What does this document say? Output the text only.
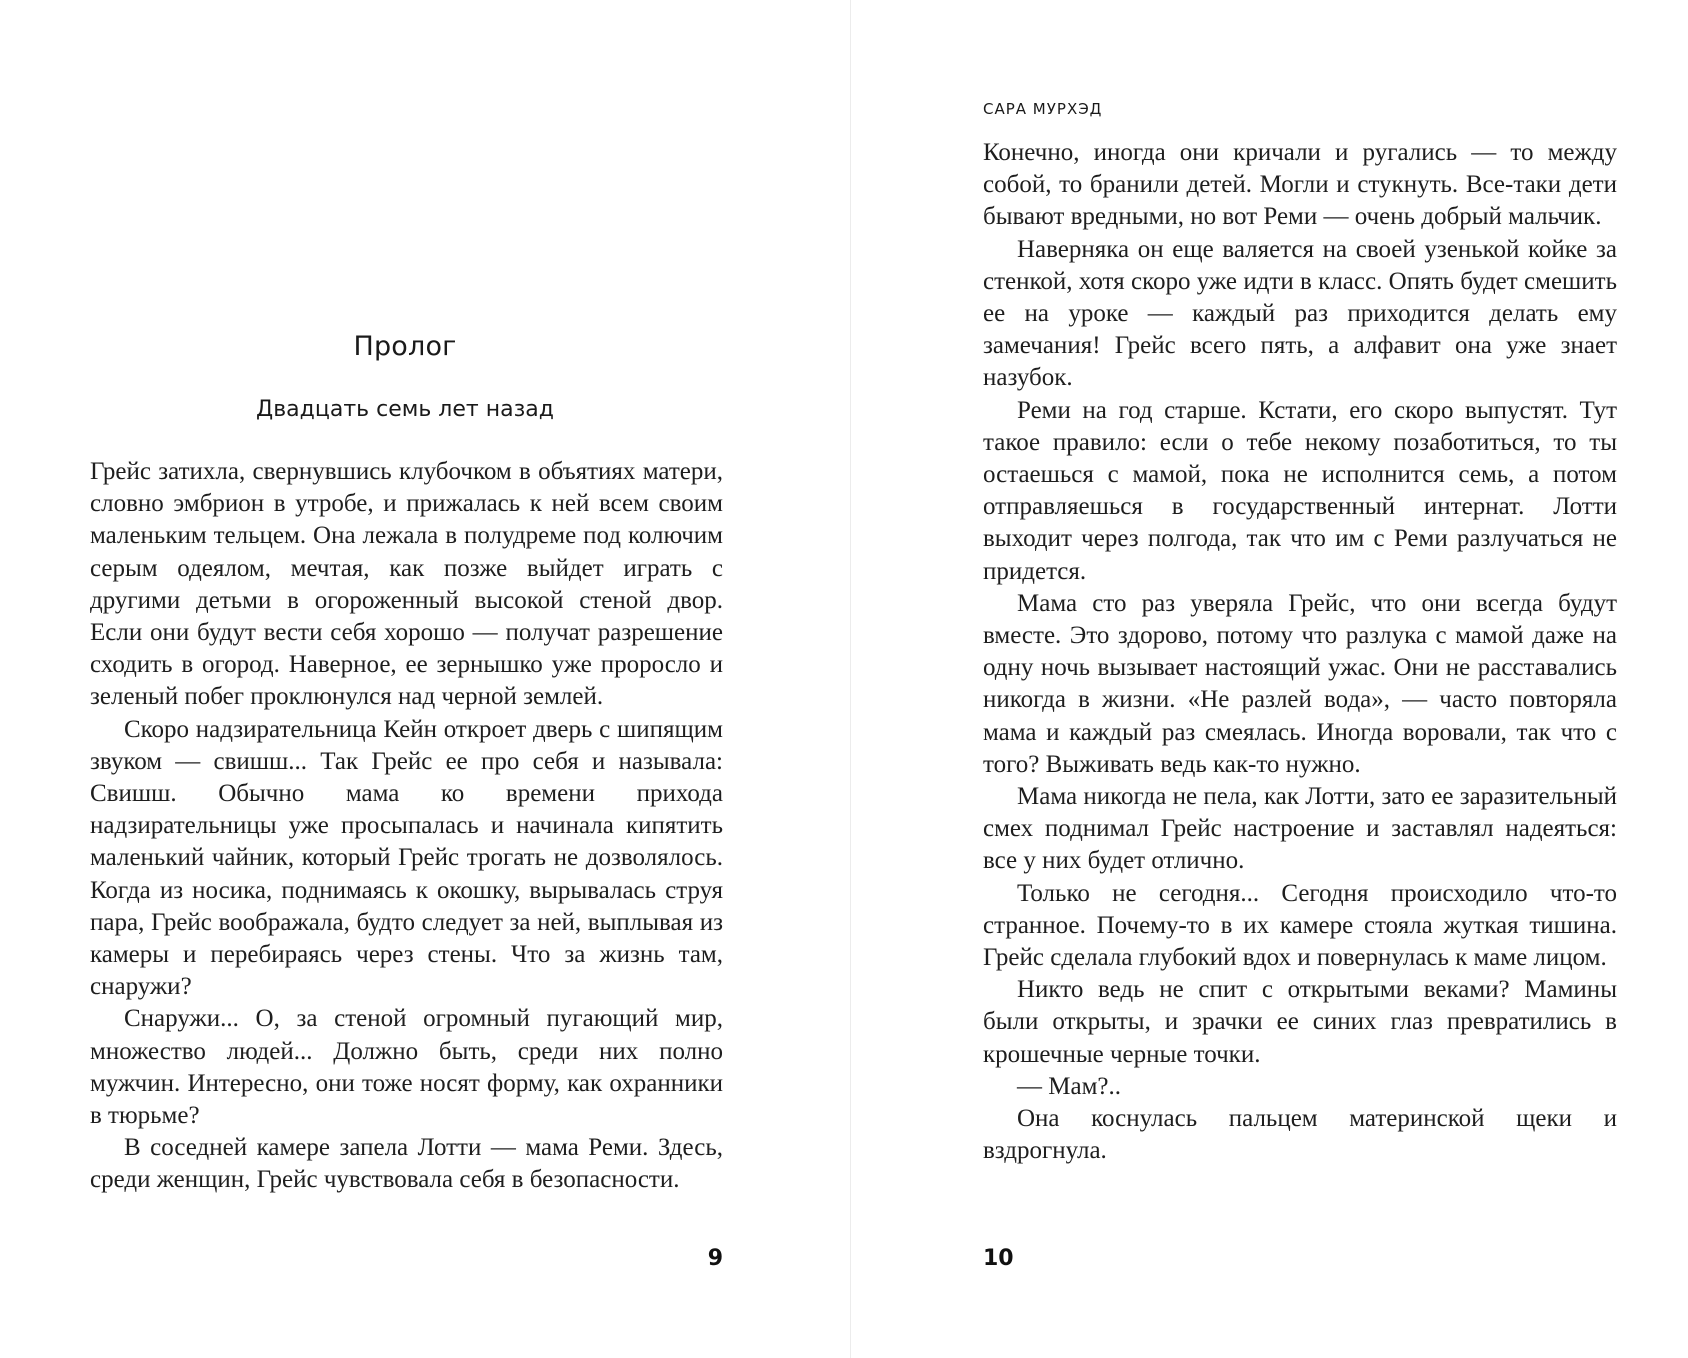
Пролог
Двадцать семь лет назад

Грейс затихла, свернувшись клубочком в объятиях матери, словно эмбрион в утробе, и прижалась к ней всем своим маленьким тельцем. Она лежала в полудреме под колючим серым одеялом, мечтая, как позже выйдет играть с другими детьми в огороженный высокой стеной двор. Если они будут вести себя хорошо — получат разрешение сходить в огород. Наверное, ее зернышко уже проросло и зеленый побег проклюнулся над черной землей.

Скоро надзирательница Кейн откроет дверь с шипящим звуком — свишш... Так Грейс ее про себя и называла: Свишш. Обычно мама ко времени прихода надзирательницы уже просыпалась и начинала кипятить маленький чайник, который Грейс трогать не дозволялось. Когда из носика, поднимаясь к окошку, вырывалась струя пара, Грейс воображала, будто следует за ней, выплывая из камеры и перебираясь через стены. Что за жизнь там, снаружи?

Снаружи... О, за стеной огромный пугающий мир, множество людей... Должно быть, среди них полно мужчин. Интересно, они тоже носят форму, как охранники в тюрьме?

В соседней камере запела Лотти — мама Реми. Здесь, среди женщин, Грейс чувствовала себя в безопасности.

9
САРА МУРХЭД

Конечно, иногда они кричали и ругались — то между собой, то бранили детей. Могли и стукнуть. Все-таки дети бывают вредными, но вот Реми — очень добрый мальчик.

Наверняка он еще валяется на своей узенькой койке за стенкой, хотя скоро уже идти в класс. Опять будет смешить ее на уроке — каждый раз приходится делать ему замечания! Грейс всего пять, а алфавит она уже знает назубок.

Реми на год старше. Кстати, его скоро выпустят. Тут такое правило: если о тебе некому позаботиться, то ты остаешься с мамой, пока не исполнится семь, а потом отправляешься в государственный интернат. Лотти выходит через полгода, так что им с Реми разлучаться не придется.

Мама сто раз уверяла Грейс, что они всегда будут вместе. Это здорово, потому что разлука с мамой даже на одну ночь вызывает настоящий ужас. Они не расставались никогда в жизни. «Не разлей вода», — часто повторяла мама и каждый раз смеялась. Иногда воровали, так что с того? Выживать ведь как-то нужно.

Мама никогда не пела, как Лотти, зато ее заразительный смех поднимал Грейс настроение и заставлял надеяться: все у них будет отлично.

Только не сегодня... Сегодня происходило что-то странное. Почему-то в их камере стояла жуткая тишина. Грейс сделала глубокий вдох и повернулась к маме лицом.

Никто ведь не спит с открытыми веками? Мамины были открыты, и зрачки ее синих глаз превратились в крошечные черные точки.

— Мам?..

Она коснулась пальцем материнской щеки и вздрогнула.

10
